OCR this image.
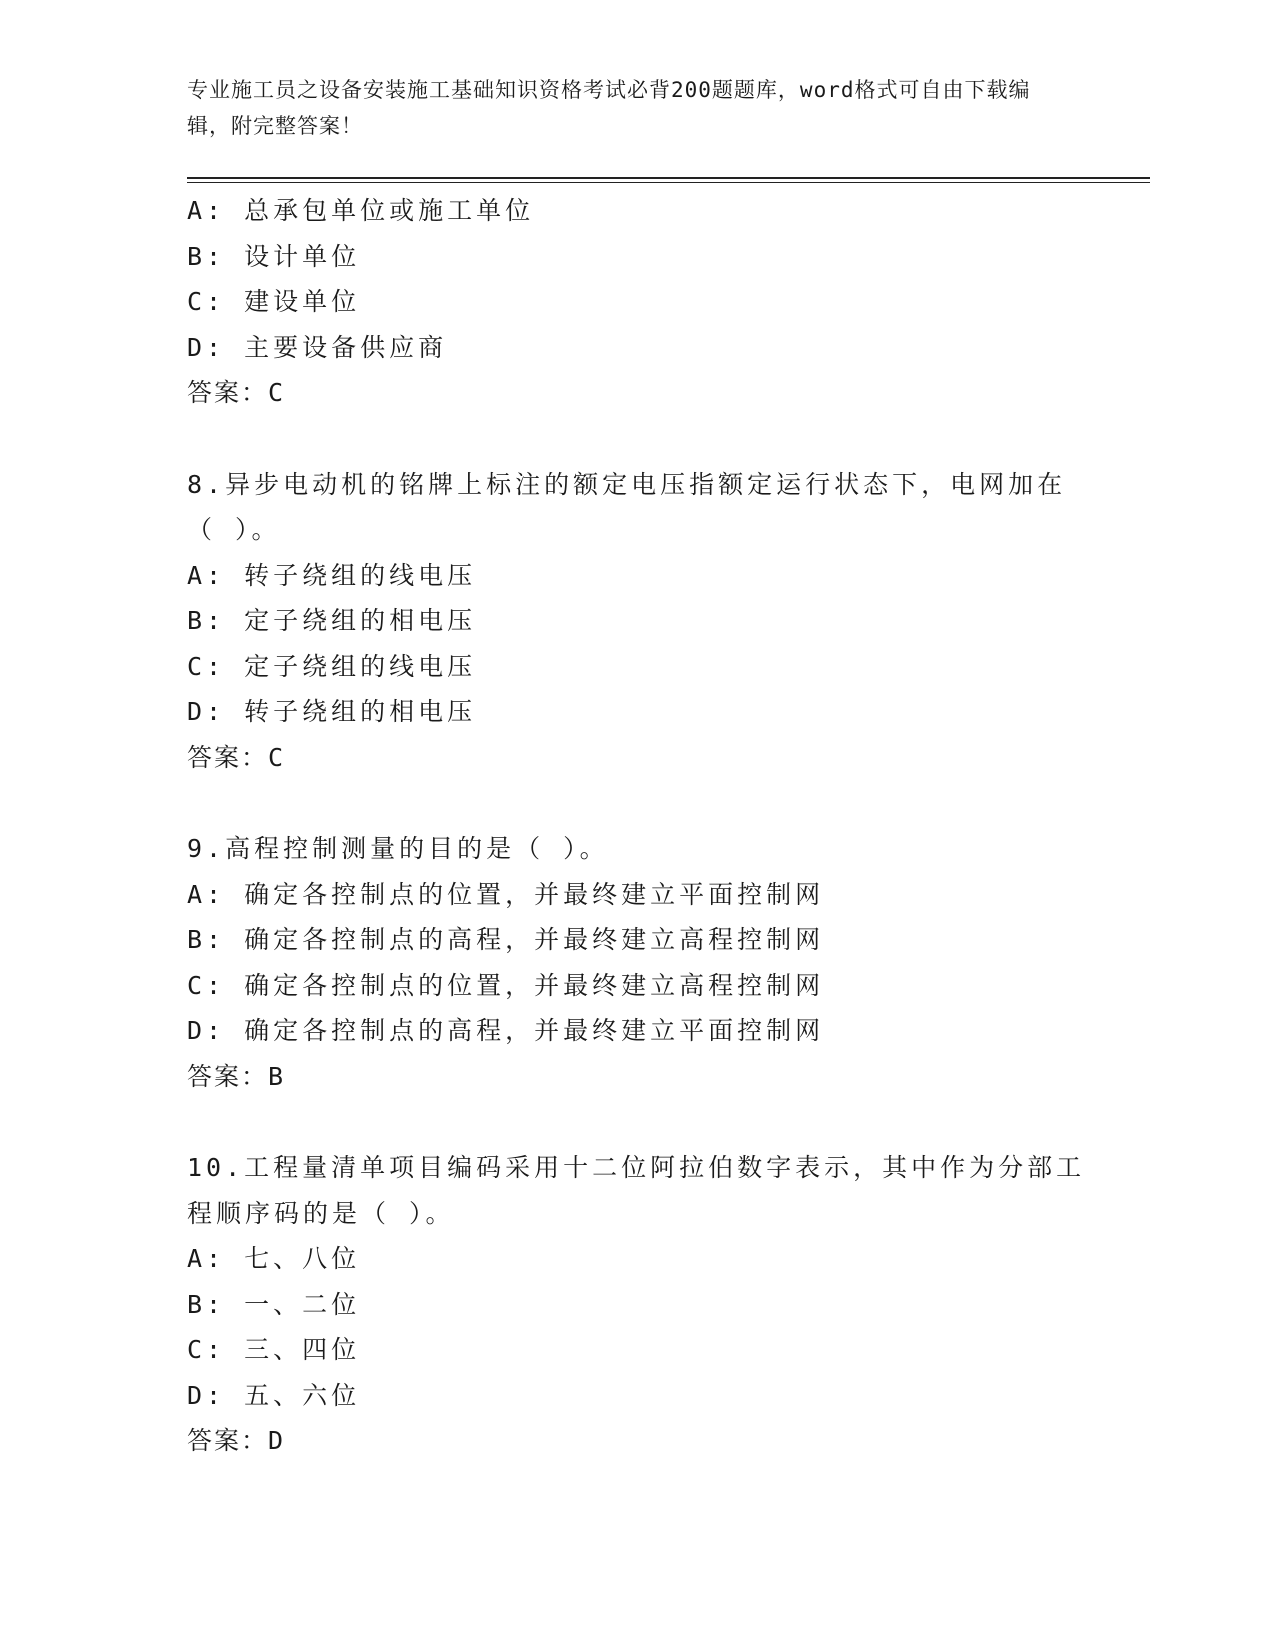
专业施工员之设备安装施工基础知识资格考试必背200题题库，word格式可自由下载编辑，附完整答案！
A: 总承包单位或施工单位
B: 设计单位
C: 建设单位
D: 主要设备供应商
答案：C
8.异步电动机的铭牌上标注的额定电压指额定运行状态下，电网加在（ ）。
A: 转子绕组的线电压
B: 定子绕组的相电压
C: 定子绕组的线电压
D: 转子绕组的相电压
答案：C
9.高程控制测量的目的是（ ）。
A: 确定各控制点的位置，并最终建立平面控制网
B: 确定各控制点的高程，并最终建立高程控制网
C: 确定各控制点的位置，并最终建立高程控制网
D: 确定各控制点的高程，并最终建立平面控制网
答案：B
10.工程量清单项目编码采用十二位阿拉伯数字表示，其中作为分部工程顺序码的是（ ）。
A: 七、八位
B: 一、二位
C: 三、四位
D: 五、六位
答案：D
